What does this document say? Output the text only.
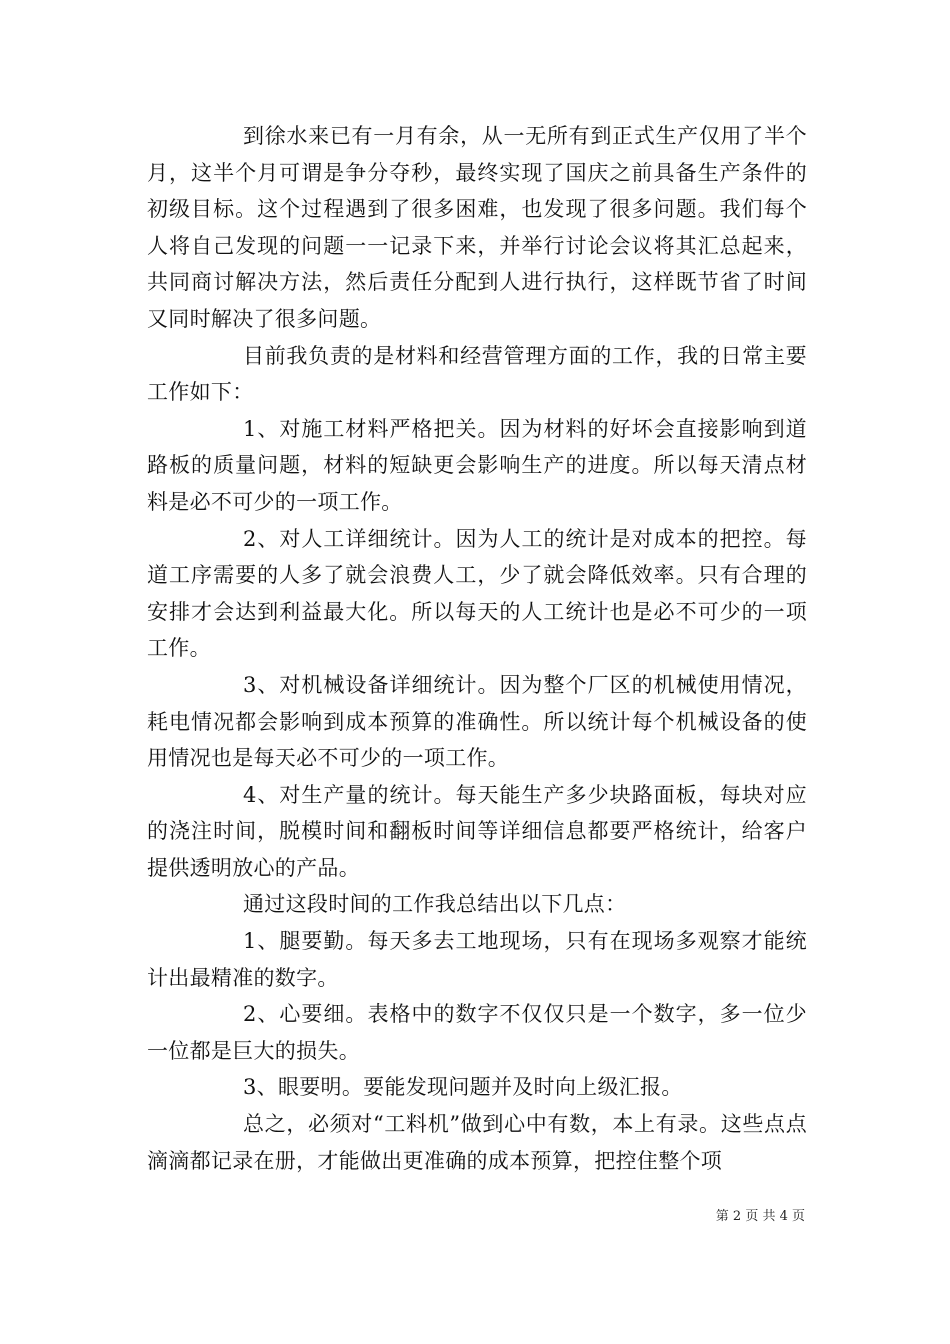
到徐水来已有一月有余，从一无所有到正式生产仅用了半个月，这半个月可谓是争分夺秒，最终实现了国庆之前具备生产条件的初级目标。这个过程遇到了很多困难，也发现了很多问题。我们每个人将自己发现的问题一一记录下来，并举行讨论会议将其汇总起来，共同商讨解决方法，然后责任分配到人进行执行，这样既节省了时间又同时解决了很多问题。

目前我负责的是材料和经营管理方面的工作，我的日常主要工作如下：

1、对施工材料严格把关。因为材料的好坏会直接影响到道路板的质量问题，材料的短缺更会影响生产的进度。所以每天清点材料是必不可少的一项工作。

2、对人工详细统计。因为人工的统计是对成本的把控。每道工序需要的人多了就会浪费人工，少了就会降低效率。只有合理的安排才会达到利益最大化。所以每天的人工统计也是必不可少的一项工作。

3、对机械设备详细统计。因为整个厂区的机械使用情况，耗电情况都会影响到成本预算的准确性。所以统计每个机械设备的使用情况也是每天必不可少的一项工作。

4、对生产量的统计。每天能生产多少块路面板，每块对应的浇注时间，脱模时间和翻板时间等详细信息都要严格统计，给客户提供透明放心的产品。

通过这段时间的工作我总结出以下几点：

1、腿要勤。每天多去工地现场，只有在现场多观察才能统计出最精准的数字。

2、心要细。表格中的数字不仅仅只是一个数字，多一位少一位都是巨大的损失。

3、眼要明。要能发现问题并及时向上级汇报。

总之，必须对“工料机”做到心中有数，本上有录。这些点点滴滴都记录在册，才能做出更准确的成本预算，把控住整个项

第 2 页 共 4 页
